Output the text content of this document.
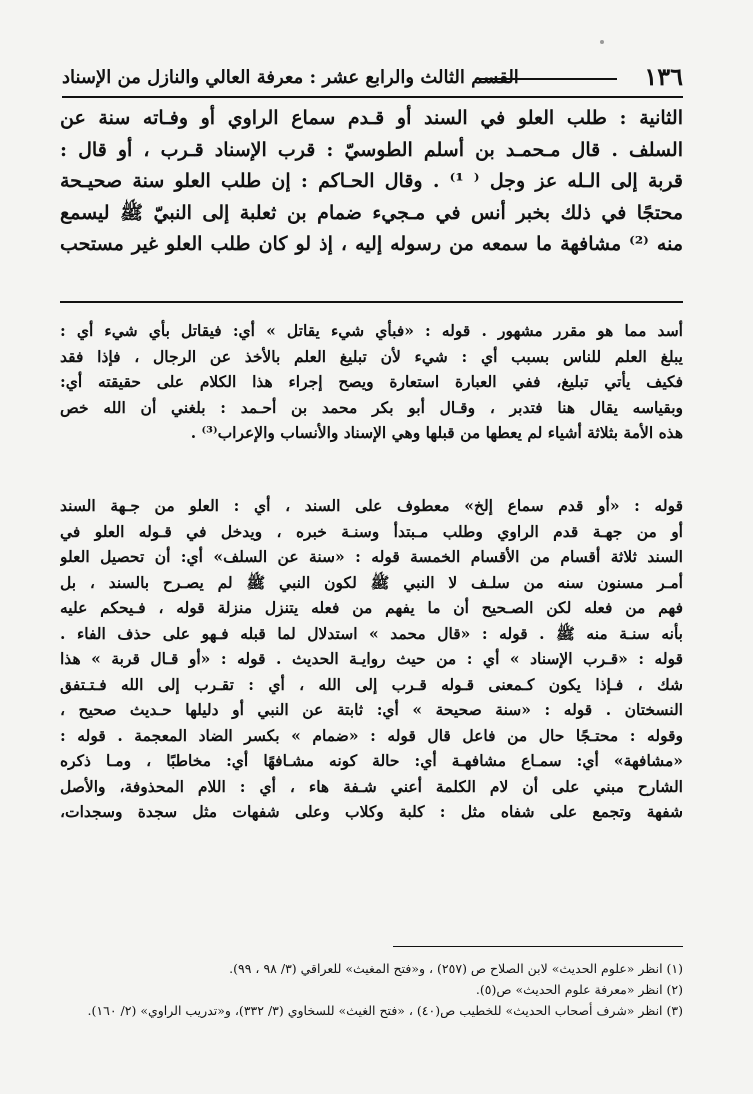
١٣٦
القسم الثالث والرابع عشر : معرفة العالي والنازل من الإسناد
الثانية : طلب العلو في السند أو قـدم سماع الراوي أو وفـاته سنة عن
السلف . قال مـحمـد بن أسلم الطوسيّ : قرب الإسناد قـرب ، أو قال :
قربة إلى الـله عز وجل ⁽ ¹⁾ . وقال الحـاكم : إن طلب العلو سنة صحيـحة
محتجًا في ذلك بخبر أنس في مـجيء ضمام بن ثعلبة إلى النبيّ ﷺ ليسمع
منه ⁽²⁾ مشافهة ما سمعه من رسوله إليه ، إذ لو كان طلب العلو غير مستحب
أسد مما هو مقرر مشهور . قوله : «فبأي شيء يقاتل » أي: فيقاتل بأي شيء أي :
يبلغ العلم للناس بسبب أي : شيء لأن تبليغ العلم بالأخذ عن الرجال ، فإذا فقد
فكيف يأتي تبليغ، ففي العبارة استعارة ويصح إجراء هذا الكلام على حقيقته أي:
وبقياسه يقال هنا فتدبر ، وقـال أبو بكر محمد بن أحـمد : بلغني أن الله خص
هذه الأمة بثلاثة أشياء لم يعطها من قبلها وهي الإسناد والأنساب والإعراب⁽³⁾ .
قوله : «أو قدم سماع إلخ» معطوف على السند ، أي : العلو من جـهة السند
أو من جهـة قدم الراوي وطلب مـبتدأ وسنـة خبره ، ويدخل في قـوله العلو في
السند ثلاثة أقسام من الأقسام الخمسة قوله : «سنة عن السلف» أي: أن تحصيل العلو
أمـر مسنون سنه من سلـف لا النبي ﷺ لكون النبي ﷺ لم يصـرح بالسند ، بل
فهم من فعله لكن الصـحيح أن ما يفهم من فعله يتنزل منزلة قوله ، فـيحكم عليه
بأنه سنـة منه ﷺ . قوله : «قال محمد » استدلال لما قبله فـهو على حذف الفاء .
قوله : «قـرب الإسناد » أي : من حيث روايـة الحديث . قوله : «أو قـال قربة » هذا
شك ، فـإذا يكون كـمعنى قـوله قـرب إلى الله ، أي : تقـرب إلى الله فـتـتفق
النسختان . قوله : «سنة صحيحة » أي: ثابتة عن النبي أو دليلها حـديث صحيح ،
وقوله : محتـجًا حال من فاعل قال قوله : «ضمام » بكسر الضاد المعجمة . قوله :
«مشافهة» أي: سمـاع مشافهـة أي: حالة كونه مشـافهًا أي: مخاطبًا ، ومـا ذكره
الشارح مبني على أن لام الكلمة أعني شـفة هاء ، أي : اللام المحذوفة، والأصل
شفهة وتجمع على شفاه مثل : كلبة وكلاب وعلى شفهات مثل سجدة وسجدات،
(١) انظر «علوم الحديث» لابن الصلاح ص (٢٥٧) ، و«فتح المغيث» للعراقي (٣/ ٩٨ ، ٩٩).
(٢) انظر «معرفة علوم الحديث» ص(٥).
(٣) انظر «شرف أصحاب الحديث» للخطيب ص(٤٠) ، «فتح الغيث» للسخاوي (٣/ ٣٣٢)، و«تدريب الراوي» (٢/ ١٦٠).
